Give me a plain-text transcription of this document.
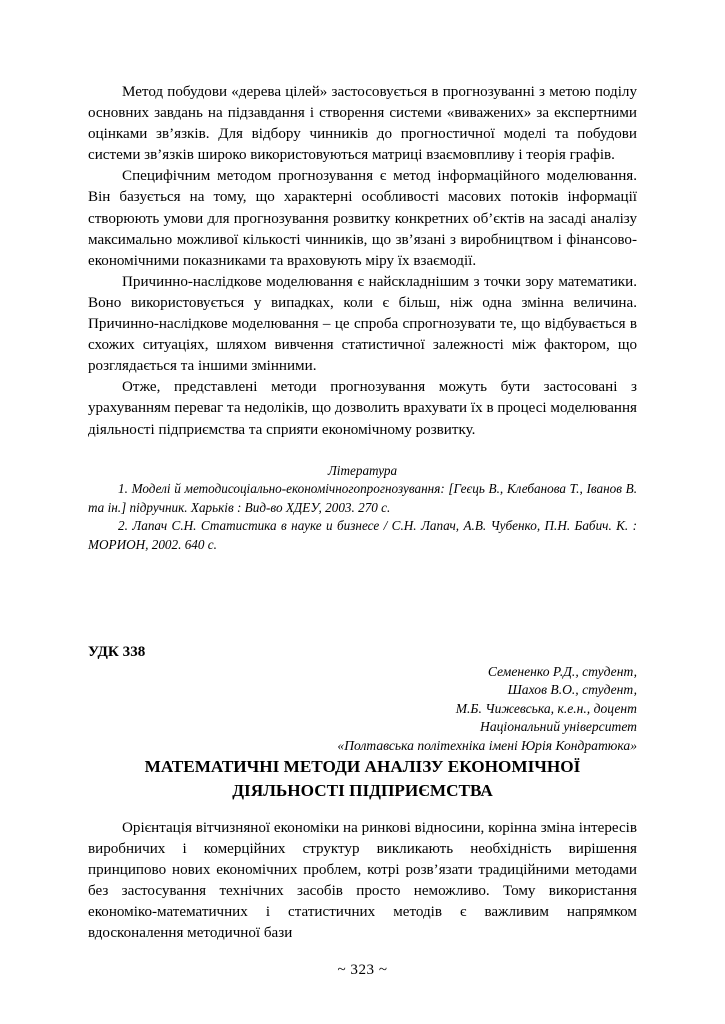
Метод побудови «дерева цілей» застосовується в прогнозуванні з метою поділу основних завдань на підзавдання і створення системи «виважених» за експертними оцінками зв’язків. Для відбору чинників до прогностичної моделі та побудови системи зв’язків широко використовуються матриці взаємовпливу і теорія графів.

Специфічним методом прогнозування є метод інформаційного моделювання. Він базується на тому, що характерні особливості масових потоків інформації створюють умови для прогнозування розвитку конкретних об’єктів на засаді аналізу максимально можливої кількості чинників, що зв’язані з виробництвом і фінансово-економічними показниками та враховують міру їх взаємодії.

Причинно-наслідкове моделювання є найскладнішим з точки зору математики. Воно використовується у випадках, коли є більш, ніж одна змінна величина. Причинно-наслідкове моделювання – це спроба спрогнозувати те, що відбувається в схожих ситуаціях, шляхом вивчення статистичної залежності між фактором, що розглядається та іншими змінними.

Отже, представлені методи прогнозування можуть бути застосовані з урахуванням переваг та недоліків, що дозволить врахувати їх в процесі моделювання діяльності підприємства та сприяти економічному розвитку.

Література

1. Моделі й методисоціально-економічногопрогнозування: [Геєць В., Клебанова Т., Іванов В. та ін.] підручник. Харьків : Вид-во ХДЕУ, 2003. 270 с.

2. Лапач С.Н. Статистика в науке и бизнесе / С.Н. Лапач, А.В. Чубенко, П.Н. Бабич. К. : МОРИОН, 2002. 640 с.

УДК 338
Семененко Р.Д., студент,
Шахов В.О., студент,
М.Б. Чижевська, к.е.н., доцент
Національний університет
«Полтавська політехніка імені Юрія Кондратюка»
МАТЕМАТИЧНІ МЕТОДИ АНАЛІЗУ ЕКОНОМІЧНОЇ
ДІЯЛЬНОСТІ ПІДПРИЄМСТВА

Орієнтація вітчизняної економіки на ринкові відносини, корінна зміна інтересів виробничих і комерційних структур викликають необхідність вирішення принципово нових економічних проблем, котрі розв’язати традиційними методами без застосування технічних засобів просто неможливо. Тому використання економіко-математичних і статистичних методів є важливим напрямком вдосконалення методичної бази

~ 323 ~
